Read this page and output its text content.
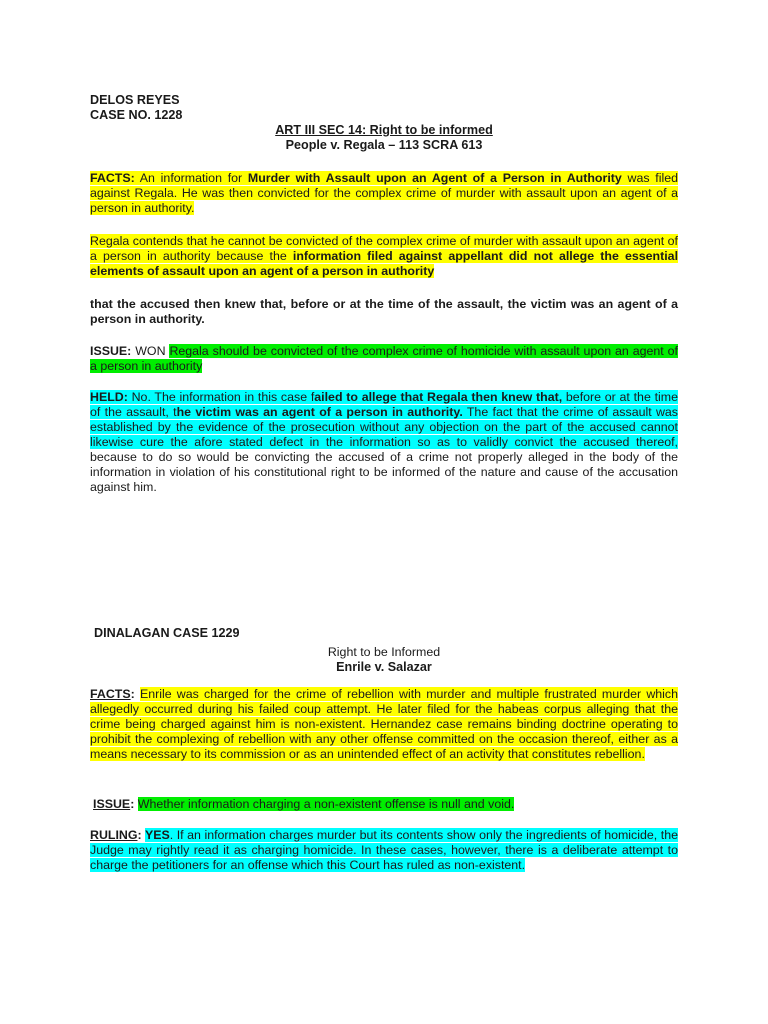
DELOS REYES
CASE NO. 1228
ART III SEC 14: Right to be informed
People v. Regala – 113 SCRA 613

FACTS: An information for Murder with Assault upon an Agent of a Person in Authority was filed against Regala. He was then convicted for the complex crime of murder with assault upon an agent of a person in authority.

Regala contends that he cannot be convicted of the complex crime of murder with assault upon an agent of a person in authority because the information filed against appellant did not allege the essential elements of assault upon an agent of a person in authority

that the accused then knew that, before or at the time of the assault, the victim was an agent of a person in authority.

ISSUE: WON Regala should be convicted of the complex crime of homicide with assault upon an agent of a person in authority

HELD: No. The information in this case failed to allege that Regala then knew that, before or at the time of the assault, the victim was an agent of a person in authority. The fact that the crime of assault was established by the evidence of the prosecution without any objection on the part of the accused cannot likewise cure the afore stated defect in the information so as to validly convict the accused thereof, because to do so would be convicting the accused of a crime not properly alleged in the body of the information in violation of his constitutional right to be informed of the nature and cause of the accusation against him.

DINALAGAN CASE 1229
Right to be Informed
Enrile v. Salazar

FACTS: Enrile was charged for the crime of rebellion with murder and multiple frustrated murder which allegedly occurred during his failed coup attempt. He later filed for the habeas corpus alleging that the crime being charged against him is non-existent. Hernandez case remains binding doctrine operating to prohibit the complexing of rebellion with any other offense committed on the occasion thereof, either as a means necessary to its commission or as an unintended effect of an activity that constitutes rebellion.

ISSUE: Whether information charging a non-existent offense is null and void.

RULING: YES. If an information charges murder but its contents show only the ingredients of homicide, the Judge may rightly read it as charging homicide. In these cases, however, there is a deliberate attempt to charge the petitioners for an offense which this Court has ruled as non-existent.
